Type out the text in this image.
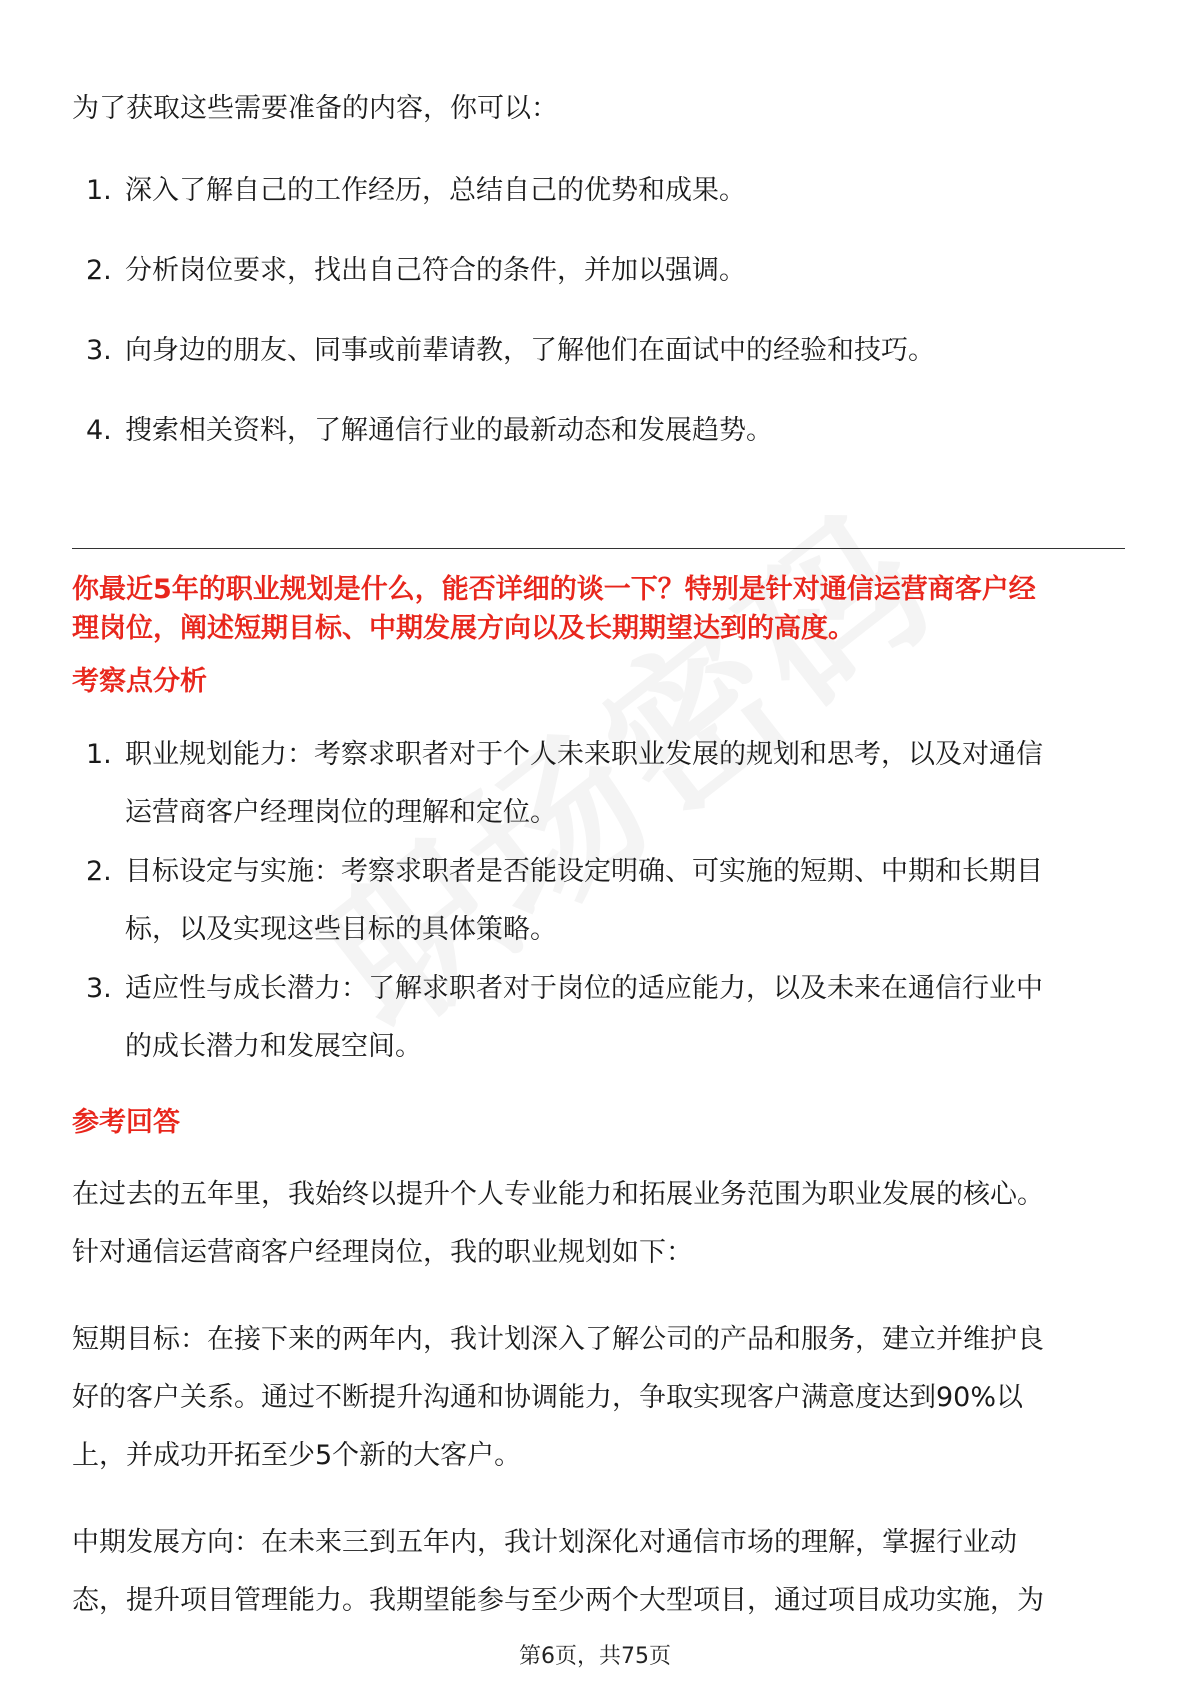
为了获取这些需要准备的内容，你可以：
1. 深入了解自己的工作经历，总结自己的优势和成果。
2. 分析岗位要求，找出自己符合的条件，并加以强调。
3. 向身边的朋友、同事或前辈请教，了解他们在面试中的经验和技巧。
4. 搜索相关资料，了解通信行业的最新动态和发展趋势。
你最近5年的职业规划是什么，能否详细的谈一下？特别是针对通信运营商客户经
理岗位，阐述短期目标、中期发展方向以及长期期望达到的高度。
考察点分析
1. 职业规划能力：考察求职者对于个人未来职业发展的规划和思考，以及对通信
运营商客户经理岗位的理解和定位。
2. 目标设定与实施：考察求职者是否能设定明确、可实施的短期、中期和长期目
标，以及实现这些目标的具体策略。
3. 适应性与成长潜力：了解求职者对于岗位的适应能力，以及未来在通信行业中
的成长潜力和发展空间。
参考回答
在过去的五年里，我始终以提升个人专业能力和拓展业务范围为职业发展的核心。
针对通信运营商客户经理岗位，我的职业规划如下：
短期目标：在接下来的两年内，我计划深入了解公司的产品和服务，建立并维护良
好的客户关系。通过不断提升沟通和协调能力，争取实现客户满意度达到90%以
上，并成功开拓至少5个新的大客户。
中期发展方向：在未来三到五年内，我计划深化对通信市场的理解，掌握行业动
态，提升项目管理能力。我期望能参与至少两个大型项目，通过项目成功实施，为
第6页，共75页
